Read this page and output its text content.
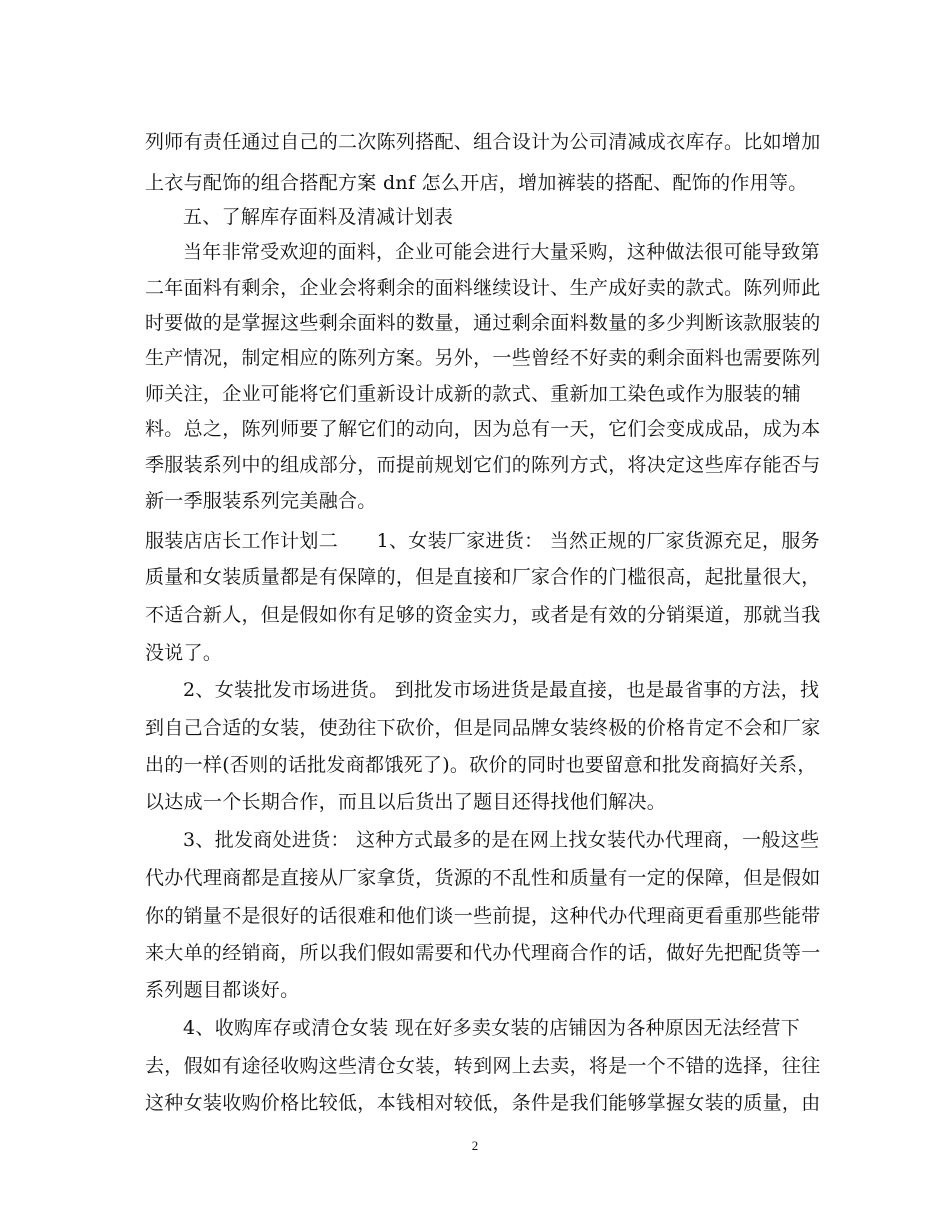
列师有责任通过自己的二次陈列搭配、组合设计为公司清减成衣库存。比如增加
上衣与配饰的组合搭配方案 dnf 怎么开店，增加裤装的搭配、配饰的作用等。
五、了解库存面料及清减计划表
当年非常受欢迎的面料，企业可能会进行大量采购，这种做法很可能导致第
二年面料有剩余，企业会将剩余的面料继续设计、生产成好卖的款式。陈列师此
时要做的是掌握这些剩余面料的数量，通过剩余面料数量的多少判断该款服装的
生产情况，制定相应的陈列方案。另外，一些曾经不好卖的剩余面料也需要陈列
师关注，企业可能将它们重新设计成新的款式、重新加工染色或作为服装的辅
料。总之，陈列师要了解它们的动向，因为总有一天，它们会变成成品，成为本
季服装系列中的组成部分，而提前规划它们的陈列方式，将决定这些库存能否与
新一季服装系列完美融合。
服装店店长工作计划二　　1、女装厂家进货： 当然正规的厂家货源充足，服务
质量和女装质量都是有保障的，但是直接和厂家合作的门槛很高，起批量很大，
不适合新人，但是假如你有足够的资金实力，或者是有效的分销渠道，那就当我
没说了。
2、女装批发市场进货。 到批发市场进货是最直接，也是最省事的方法，找
到自己合适的女装，使劲往下砍价，但是同品牌女装终极的价格肯定不会和厂家
出的一样(否则的话批发商都饿死了)。砍价的同时也要留意和批发商搞好关系，
以达成一个长期合作，而且以后货出了题目还得找他们解决。
3、批发商处进货： 这种方式最多的是在网上找女装代办代理商，一般这些
代办代理商都是直接从厂家拿货，货源的不乱性和质量有一定的保障，但是假如
你的销量不是很好的话很难和他们谈一些前提，这种代办代理商更看重那些能带
来大单的经销商，所以我们假如需要和代办代理商合作的话，做好先把配货等一
系列题目都谈好。
4、收购库存或清仓女装 现在好多卖女装的店铺因为各种原因无法经营下
去，假如有途径收购这些清仓女装，转到网上去卖，将是一个不错的选择，往往
这种女装收购价格比较低，本钱相对较低，条件是我们能够掌握女装的质量，由
2
